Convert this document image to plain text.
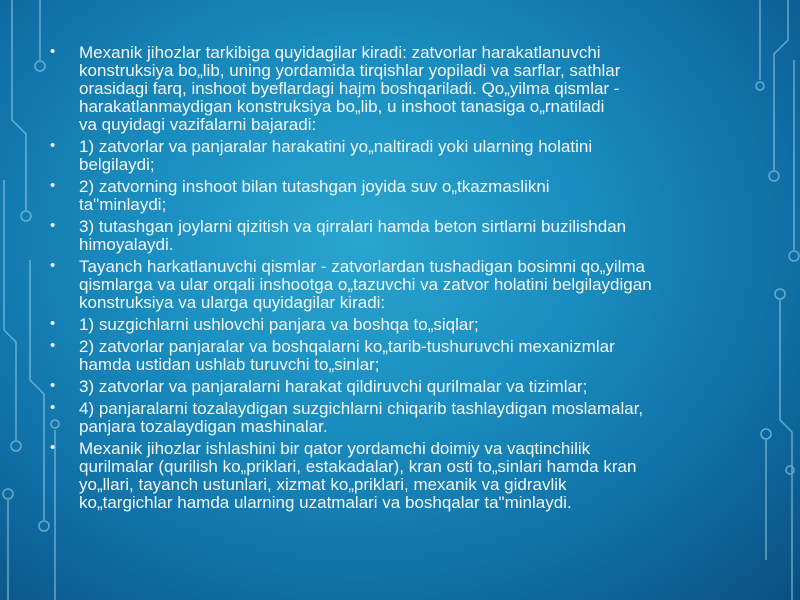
• Mexanik jihozlar tarkibiga quyidagilar kiradi: zatvorlar harakatlanuvchi
konstruksiya bo„lib, uning yordamida tirqishlar yopiladi va sarflar, sathlar
orasidagi farq, inshoot byeflardagi hajm boshqariladi. Qo„yilma qismlar -
harakatlanmaydigan konstruksiya bo„lib, u inshoot tanasiga o„rnatiladi
va quyidagi vazifalarni bajaradi:

• 1) zatvorlar va panjaralar harakatini yo„naltiradi yoki ularning holatini
belgilaydi;

• 2) zatvorning inshoot bilan tutashgan joyida suv o„tkazmaslikni
ta"minlaydi;

• 3) tutashgan joylarni qizitish va qirralari hamda beton sirtlarni buzilishdan
himoyalaydi.

• Tayanch harkatlanuvchi qismlar - zatvorlardan tushadigan bosimni qo„yilma
qismlarga va ular orqali inshootga o„tazuvchi va zatvor holatini belgilaydigan
konstruksiya va ularga quyidagilar kiradi:

• 1) suzgichlarni ushlovchi panjara va boshqa to„siqlar;

• 2) zatvorlar panjaralar va boshqalarni ko„tarib-tushuruvchi mexanizmlar
hamda ustidan ushlab turuvchi to„sinlar;

• 3) zatvorlar va panjaralarni harakat qildiruvchi qurilmalar va tizimlar;

• 4) panjaralarni tozalaydigan suzgichlarni chiqarib tashlaydigan moslamalar,
panjara tozalaydigan mashinalar.

• Mexanik jihozlar ishlashini bir qator yordamchi doimiy va vaqtinchilik
qurilmalar (qurilish ko„priklari, estakadalar), kran osti to„sinlari hamda kran
yo„llari, tayanch ustunlari, xizmat ko„priklari, mexanik va gidravlik
ko„targichlar hamda ularning uzatmalari va boshqalar ta"minlaydi.
